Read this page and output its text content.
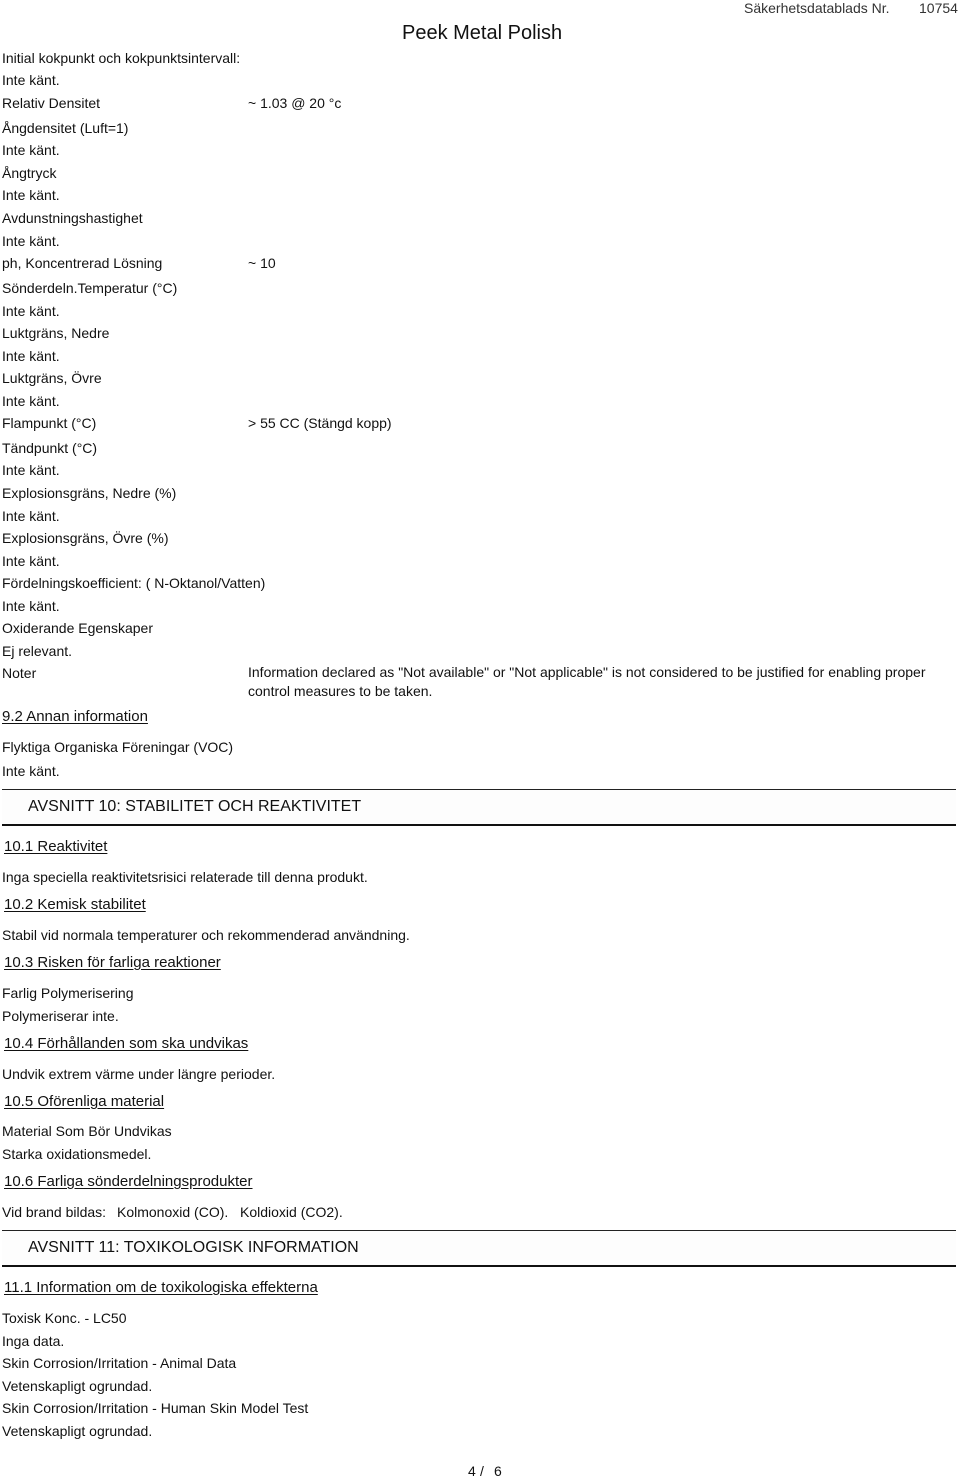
Peek Metal Polish
Säkerhetsdatablads Nr. 10754
Initial kokpunkt och kokpunktsintervall:
Inte känt.
Relativ Densitet	~ 1.03 @ 20 °c
Ångdensitet (Luft=1)
Inte känt.
Ångtryck
Inte känt.
Avdunstningshastighet
Inte känt.
ph, Koncentrerad Lösning	~ 10
Sönderdeln.Temperatur (°C)
Inte känt.
Luktgräns, Nedre
Inte känt.
Luktgräns, Övre
Inte känt.
Flampunkt (°C)	> 55 CC (Stängd kopp)
Tändpunkt (°C)
Inte känt.
Explosionsgräns, Nedre (%)
Inte känt.
Explosionsgräns, Övre (%)
Inte känt.
Fördelningskoefficient: ( N-Oktanol/Vatten)
Inte känt.
Oxiderande Egenskaper
Ej relevant.
Noter	Information declared as "Not available" or "Not applicable" is not considered to be justified for enabling proper control measures to be taken.
9.2 Annan information
Flyktiga Organiska Föreningar (VOC)
Inte känt.
AVSNITT 10: STABILITET OCH REAKTIVITET
10.1 Reaktivitet
Inga speciella reaktivitetsrisici relaterade till denna produkt.
10.2 Kemisk stabilitet
Stabil vid normala temperaturer och rekommenderad användning.
10.3 Risken för farliga reaktioner
Farlig Polymerisering
Polymeriserar inte.
10.4 Förhållanden som ska undvikas
Undvik extrem värme under längre perioder.
10.5 Oförenliga material
Material Som Bör Undvikas
Starka oxidationsmedel.
10.6 Farliga sönderdelningsprodukter
Vid brand bildas: Kolmonoxid (CO). Koldioxid (CO2).
AVSNITT 11: TOXIKOLOGISK INFORMATION
11.1 Information om de toxikologiska effekterna
Toxisk Konc. - LC50
Inga data.
Skin Corrosion/Irritation - Animal Data
Vetenskapligt ogrundad.
Skin Corrosion/Irritation - Human Skin Model Test
Vetenskapligt ogrundad.
4 / 6
